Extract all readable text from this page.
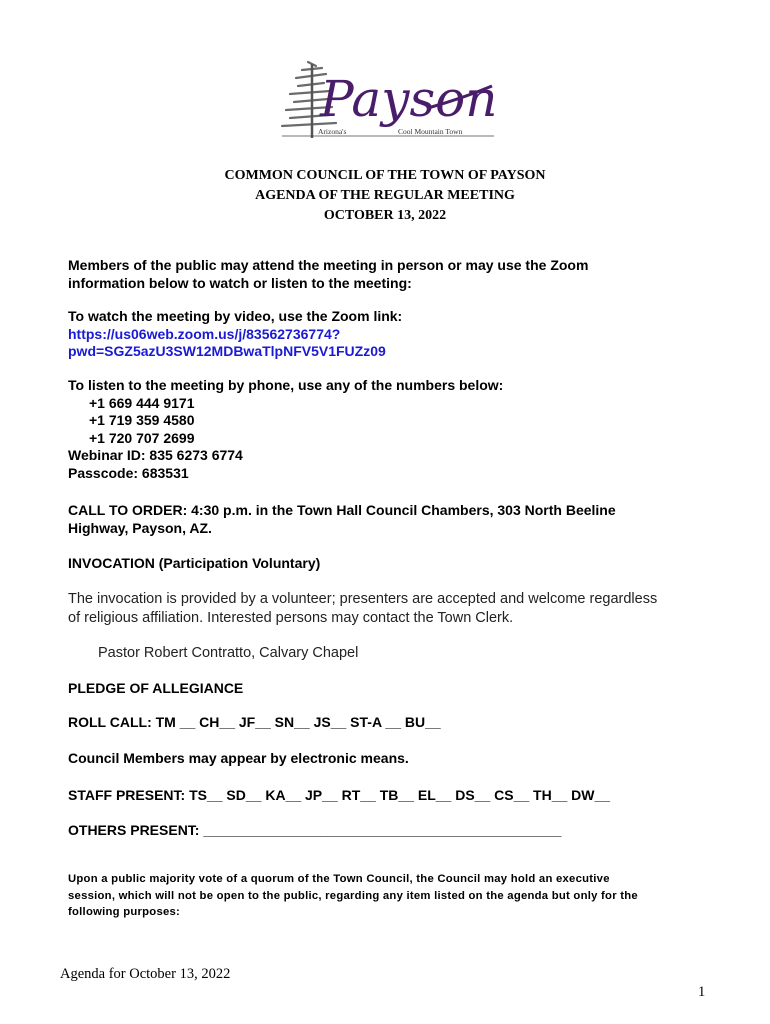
Payson
Arizona's	Cool Mountain Town
COMMON COUNCIL OF THE TOWN OF PAYSON
AGENDA OF THE REGULAR MEETING
OCTOBER 13, 2022
Members of the public may attend the meeting in person or may use the Zoom
information below to watch or listen to the meeting:
To watch the meeting by video, use the Zoom link:
https://us06web.zoom.us/j/83562736774?
pwd=SGZ5azU3SW12MDBwaTlpNFV5V1FUZz09
To listen to the meeting by phone, use any of the numbers below:
+1 669 444 9171
+1 719 359 4580
+1 720 707 2699
Webinar ID: 835 6273 6774
Passcode: 683531
CALL TO ORDER: 4:30 p.m. in the Town Hall Council Chambers, 303 North Beeline
Highway, Payson, AZ.
INVOCATION (Participation Voluntary)
The invocation is provided by a volunteer; presenters are accepted and welcome regardless
of religious affiliation. Interested persons may contact the Town Clerk.
Pastor Robert Contratto, Calvary Chapel
PLEDGE OF ALLEGIANCE
ROLL CALL: TM __ CH__ JF__ SN__ JS__ ST-A __ BU__
Council Members may appear by electronic means.
STAFF PRESENT: TS__ SD__ KA__ JP__ RT__ TB__ EL__ DS__ CS__ TH__ DW__
OTHERS PRESENT: ______________________________________________
Upon a public majority vote of a quorum of the Town Council, the Council may hold an executive
session, which will not be open to the public, regarding any item listed on the agenda but only for the
following purposes:
Agenda for October 13, 2022
1
